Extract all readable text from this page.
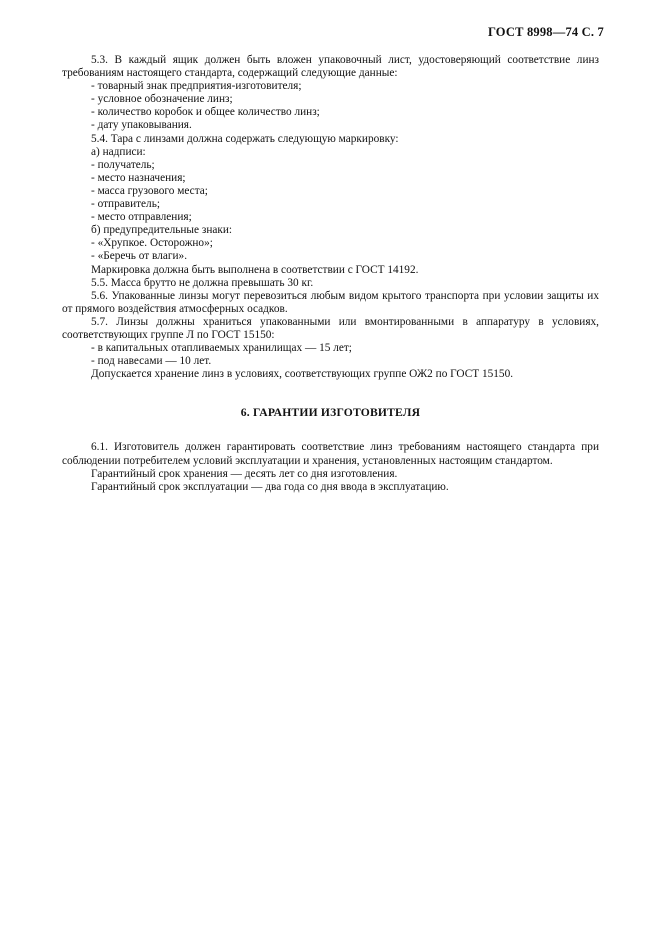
ГОСТ 8998—74 С. 7

5.3. В каждый ящик должен быть вложен упаковочный лист, удостоверяющий соответствие линз требованиям настоящего стандарта, содержащий следующие данные:

- товарный знак предприятия-изготовителя;

- условное обозначение линз;

- количество коробок и общее количество линз;

- дату упаковывания.

5.4. Тара с линзами должна содержать следующую маркировку:

а) надписи:

- получатель;

- место назначения;

- масса грузового места;

- отправитель;

- место отправления;

б) предупредительные знаки:

- «Хрупкое. Осторожно»;

- «Беречь от влаги».

Маркировка должна быть выполнена в соответствии с ГОСТ 14192.

5.5. Масса брутто не должна превышать 30 кг.

5.6. Упакованные линзы могут перевозиться любым видом крытого транспорта при условии защиты их от прямого воздействия атмосферных осадков.

5.7. Линзы должны храниться упакованными или вмонтированными в аппаратуру в условиях, соответствующих группе Л по ГОСТ 15150:

- в капитальных отапливаемых хранилищах — 15 лет;

- под навесами — 10 лет.

Допускается хранение линз в условиях, соответствующих группе ОЖ2 по ГОСТ 15150.

6. ГАРАНТИИ ИЗГОТОВИТЕЛЯ

6.1. Изготовитель должен гарантировать соответствие линз требованиям настоящего стандарта при соблюдении потребителем условий эксплуатации и хранения, установленных настоящим стандартом.

Гарантийный срок хранения — десять лет со дня изготовления.

Гарантийный срок эксплуатации — два года со дня ввода в эксплуатацию.
